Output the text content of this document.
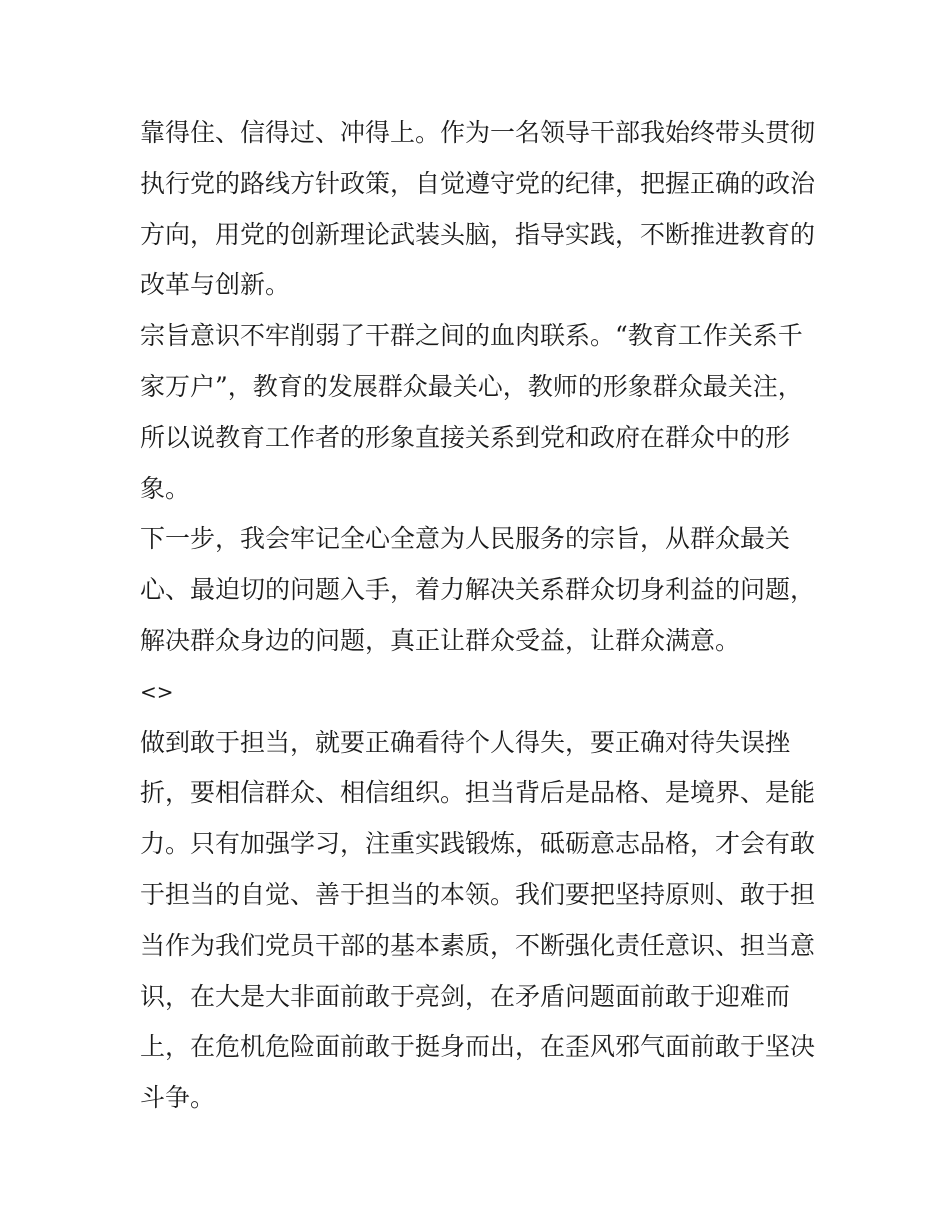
靠得住、信得过、冲得上。作为一名领导干部我始终带头贯彻执行党的路线方针政策，自觉遵守党的纪律，把握正确的政治方向，用党的创新理论武装头脑，指导实践，不断推进教育的改革与创新。

宗旨意识不牢削弱了干群之间的血肉联系。“教育工作关系千家万户”，教育的发展群众最关心，教师的形象群众最关注，所以说教育工作者的形象直接关系到党和政府在群众中的形象。

下一步，我会牢记全心全意为人民服务的宗旨，从群众最关心、最迫切的问题入手，着力解决关系群众切身利益的问题，解决群众身边的问题，真正让群众受益，让群众满意。

<>

做到敢于担当，就要正确看待个人得失，要正确对待失误挫折，要相信群众、相信组织。担当背后是品格、是境界、是能力。只有加强学习，注重实践锻炼，砥砺意志品格，才会有敢于担当的自觉、善于担当的本领。我们要把坚持原则、敢于担当作为我们党员干部的基本素质，不断强化责任意识、担当意识，在大是大非面前敢于亮剑，在矛盾问题面前敢于迎难而上，在危机危险面前敢于挺身而出，在歪风邪气面前敢于坚决斗争。
